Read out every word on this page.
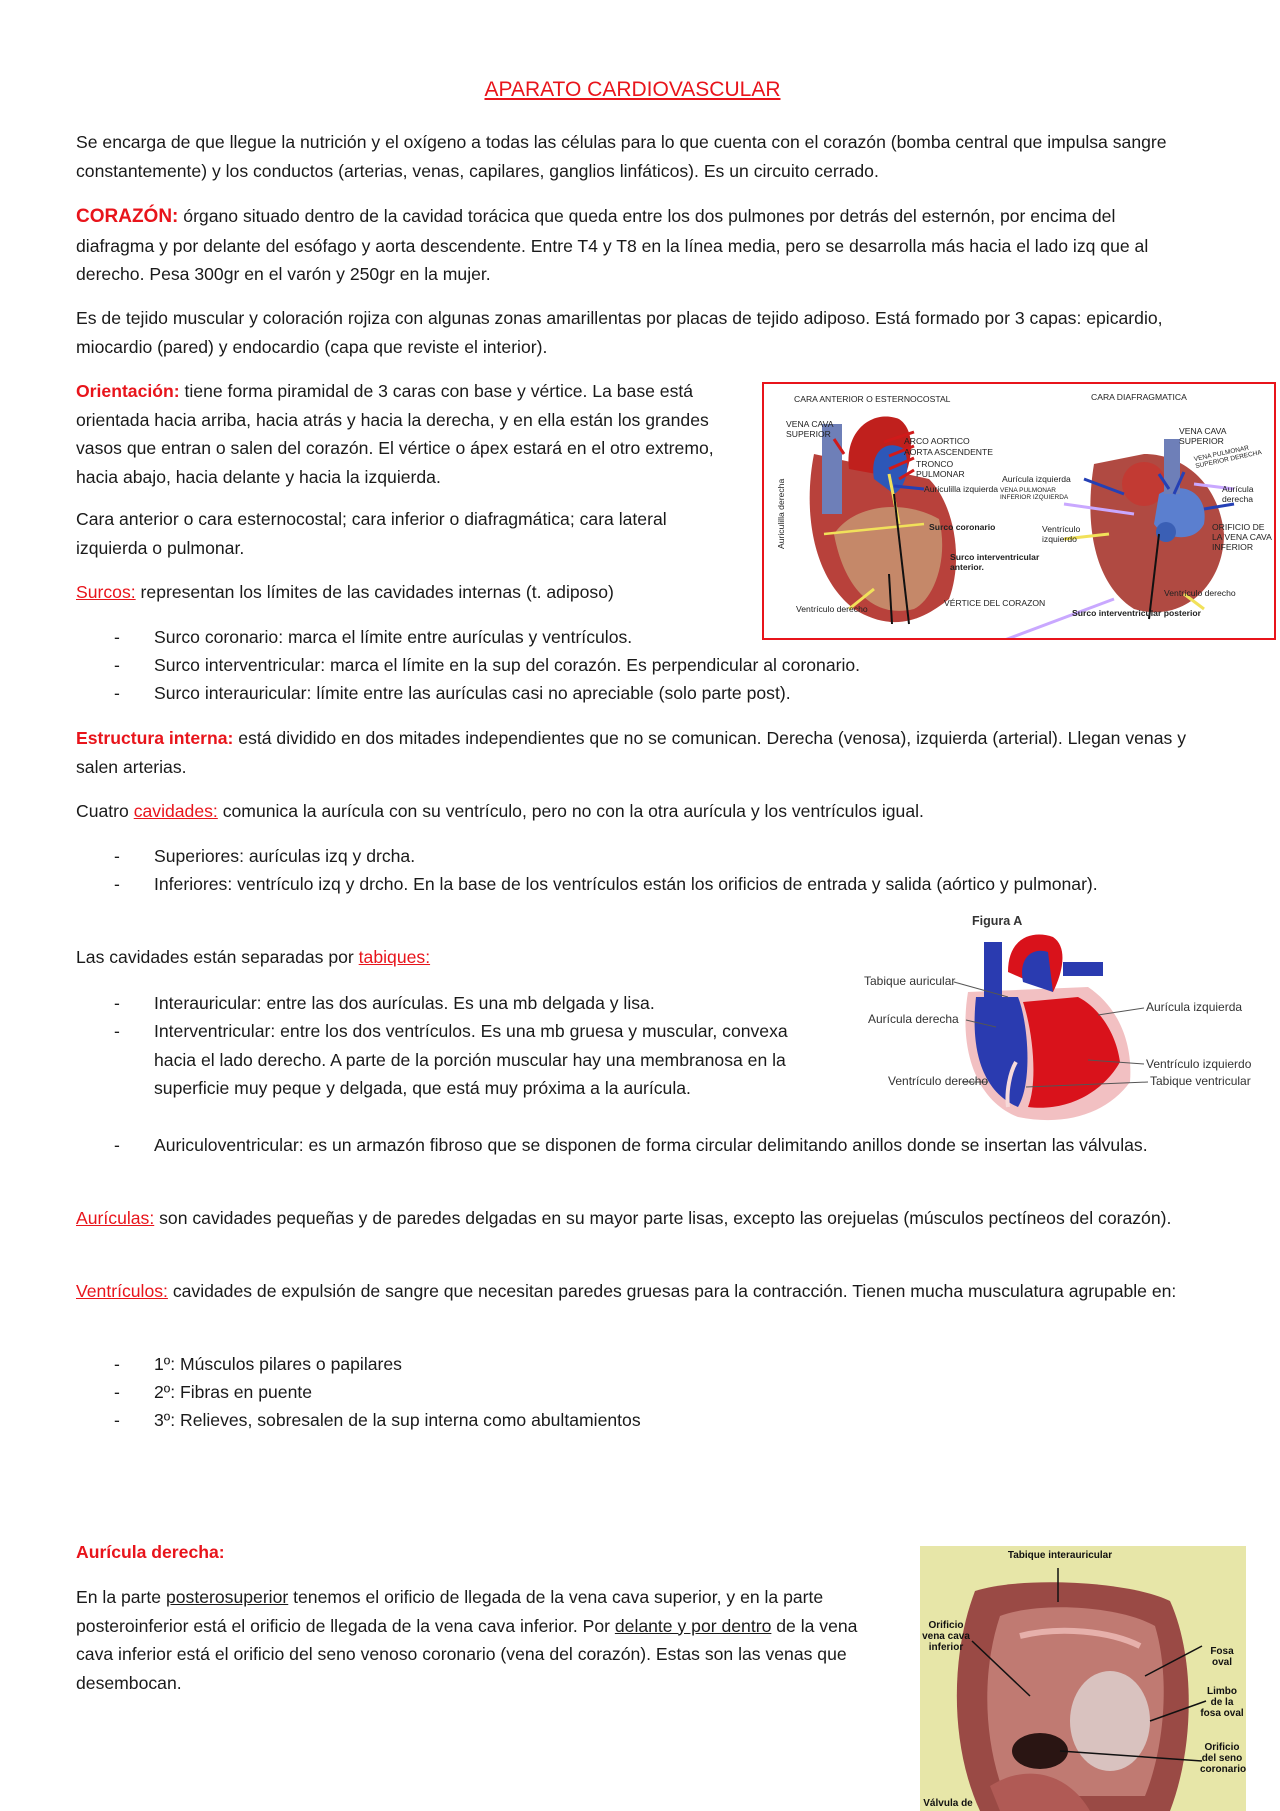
APARATO CARDIOVASCULAR
Se encarga de que llegue la nutrición y el oxígeno a todas las células para lo que cuenta con el corazón (bomba central que impulsa sangre constantemente) y los conductos (arterias, venas, capilares, ganglios linfáticos). Es un circuito cerrado.
CORAZÓN: órgano situado dentro de la cavidad torácica que queda entre los dos pulmones por detrás del esternón, por encima del diafragma y por delante del esófago y aorta descendente. Entre T4 y T8 en la línea media, pero se desarrolla más hacia el lado izq que al derecho. Pesa 300gr en el varón y 250gr en la mujer.
Es de tejido muscular y coloración rojiza con algunas zonas amarillentas por placas de tejido adiposo. Está formado por 3 capas: epicardio, miocardio (pared) y endocardio (capa que reviste el interior).
Orientación: tiene forma piramidal de 3 caras con base y vértice. La base está orientada hacia arriba, hacia atrás y hacia la derecha, y en ella están los grandes vasos que entran o salen del corazón. El vértice o ápex estará en el otro extremo, hacia abajo, hacia delante y hacia la izquierda.
Cara anterior o cara esternocostal; cara inferior o diafragmática; cara lateral izquierda o pulmonar.
Surcos: representan los límites de las cavidades internas (t. adiposo)
- Surco coronario: marca el límite entre aurículas y ventrículos.
- Surco interventricular: marca el límite en la sup del corazón. Es perpendicular al coronario.
- Surco interauricular: límite entre las aurículas casi no apreciable (solo parte post).
Estructura interna: está dividido en dos mitades independientes que no se comunican. Derecha (venosa), izquierda (arterial). Llegan venas y salen arterias.
Cuatro cavidades: comunica la aurícula con su ventrículo, pero no con la otra aurícula y los ventrículos igual.
- Superiores: aurículas izq y drcha.
- Inferiores: ventrículo izq y drcho. En la base de los ventrículos están los orificios de entrada y salida (aórtico y pulmonar).
Las cavidades están separadas por tabiques:
- Interauricular: entre las dos aurículas. Es una mb delgada y lisa.
- Interventricular: entre los dos ventrículos. Es una mb gruesa y muscular, convexa hacia el lado derecho. A parte de la porción muscular hay una membranosa en la superficie muy peque y delgada, que está muy próxima a la aurícula.
- Auriculoventricular: es un armazón fibroso que se disponen de forma circular delimitando anillos donde se insertan las válvulas.
Aurículas: son cavidades pequeñas y de paredes delgadas en su mayor parte lisas, excepto las orejuelas (músculos pectíneos del corazón).
Ventrículos: cavidades de expulsión de sangre que necesitan paredes gruesas para la contracción. Tienen mucha musculatura agrupable en:
- 1º: Músculos pilares o papilares
- 2º: Fibras en puente
- 3º: Relieves, sobresalen de la sup interna como abultamientos
Aurícula derecha:
En la parte posterosuperior tenemos el orificio de llegada de la vena cava superior, y en la parte posteroinferior está el orificio de llegada de la vena cava inferior. Por delante y por dentro de la vena cava inferior está el orificio del seno venoso coronario (vena del corazón). Estas son las venas que desembocan.
CARA ANTERIOR O ESTERNOCOSTAL	CARA DIAFRAGMATICA
VENA CAVA SUPERIOR
ARCO AORTICO
AORTA ASCENDENTE
TRONCO PULMONAR
Auriculilla izquierda
Auriculilla derecha	Surco coronario
Surco interventricular anterior.
Ventrículo derecho
VÉRTICE DEL CORAZON
VENA CAVA SUPERIOR
VENA PULMONAR SUPERIOR DERECHA
Aurícula izquierda
VENA PULMONAR INFERIOR IZQUIERDA
Aurícula derecha
Ventrículo izquierdo
ORIFICIO DE LA VENA CAVA INFERIOR
Ventrículo derecho
Surco interventricular posterior
Figura A
Tabique auricular
Aurícula derecha
Ventrículo derecho
Aurícula izquierda
Ventrículo izquierdo
Tabique ventricular
Tabique interauricular
Orificio vena cava inferior	Fosa oval
Limbo de la fosa oval
Orificio del seno coronario
Válvula de
